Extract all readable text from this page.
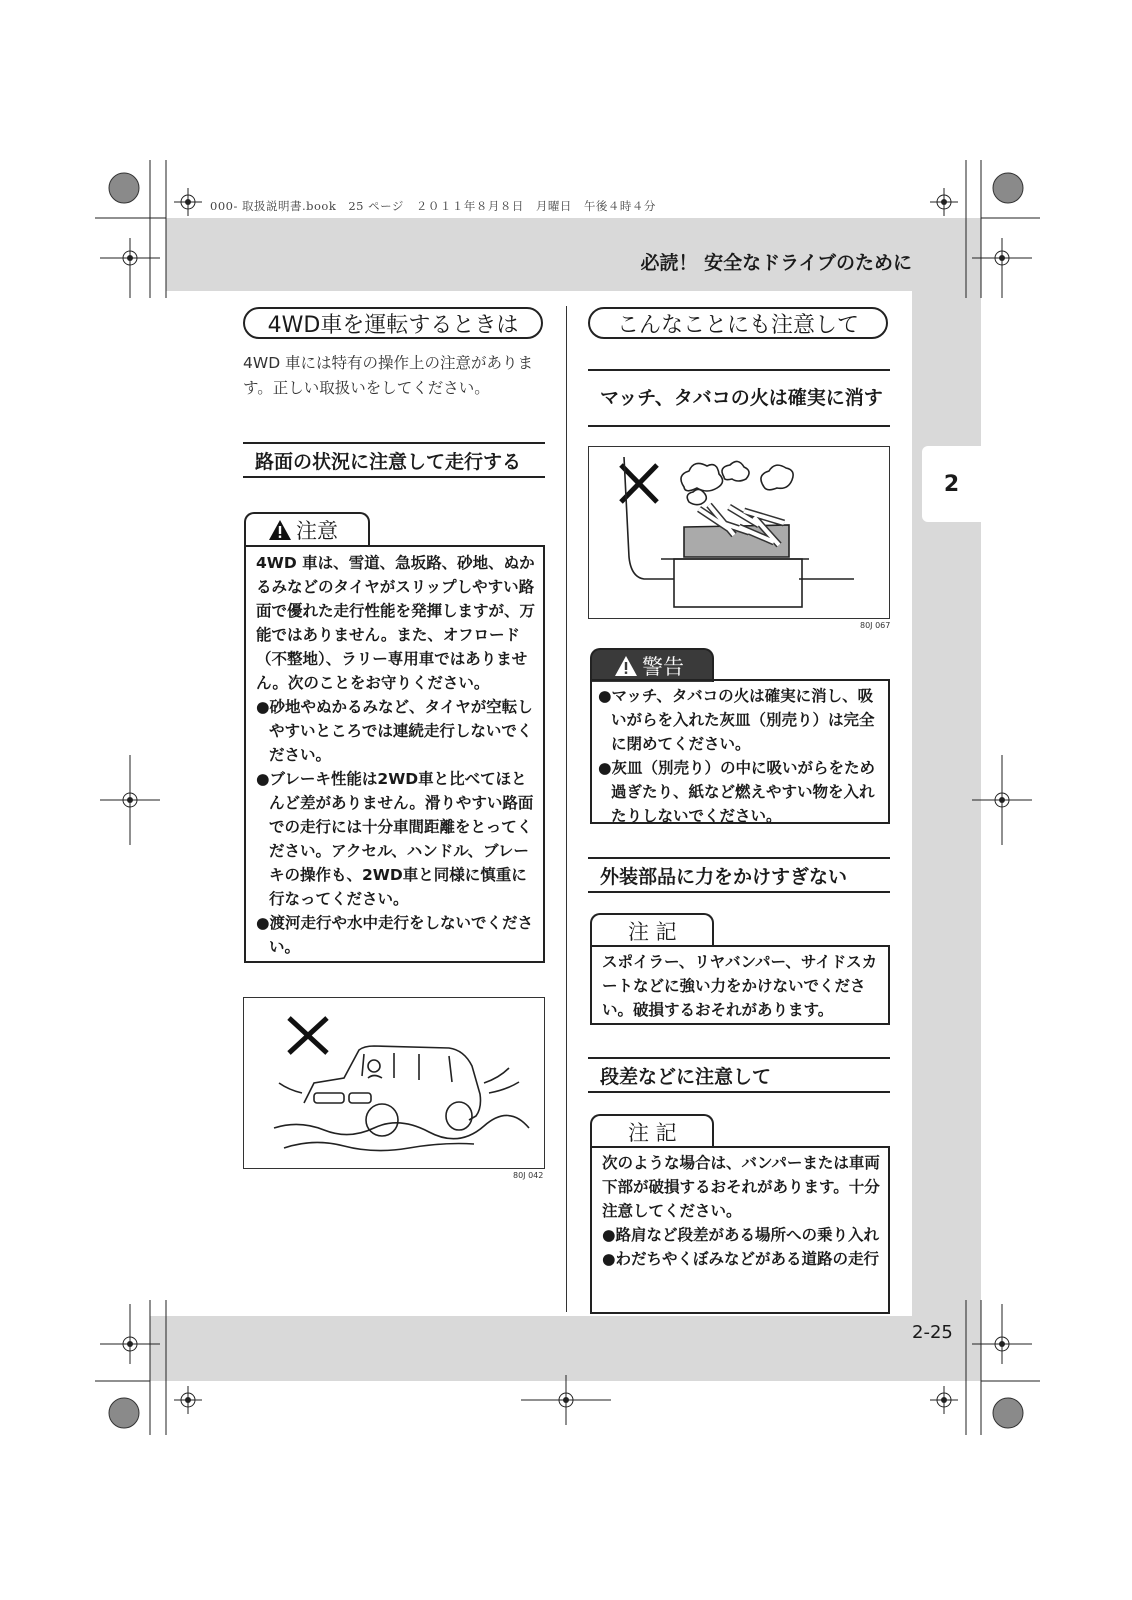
2
000- 取扱説明書.book　25 ページ　２０１１年８月８日　月曜日　午後４時４分
必読！ 安全なドライブのために
2-25
4WD車を運転するときは
4WD 車には特有の操作上の注意があります。正しい取扱いをしてください。
路面の状況に注意して走行する
注意

4WD 車は、雪道、急坂路、砂地、ぬかるみなどのタイヤがスリップしやすい路面で優れた走行性能を発揮しますが、万能ではありません。また、オフロード（不整地）、ラリー専用車ではありません。次のことをお守りください。

●砂地やぬかるみなど、タイヤが空転しやすいところでは連続走行しないでください。

●ブレーキ性能は2WD車と比べてほとんど差がありません。滑りやすい路面での走行には十分車間距離をとってください。アクセル、ハンドル、ブレーキの操作も、2WD車と同様に慎重に行なってください。

●渡河走行や水中走行をしないでください。

80J 042
こんなことにも注意して
マッチ、タバコの火は確実に消す
80J 067
警告

●マッチ、タバコの火は確実に消し、吸いがらを入れた灰皿（別売り）は完全に閉めてください。

●灰皿（別売り）の中に吸いがらをため過ぎたり、紙など燃えやすい物を入れたりしないでください。

外装部品に力をかけすぎない
注 記

スポイラー、リヤバンパー、サイドスカートなどに強い力をかけないでください。破損するおそれがあります。

段差などに注意して
注 記

次のような場合は、バンパーまたは車両下部が破損するおそれがあります。十分注意してください。

●路肩など段差がある場所への乗り入れ

●わだちやくぼみなどがある道路の走行
